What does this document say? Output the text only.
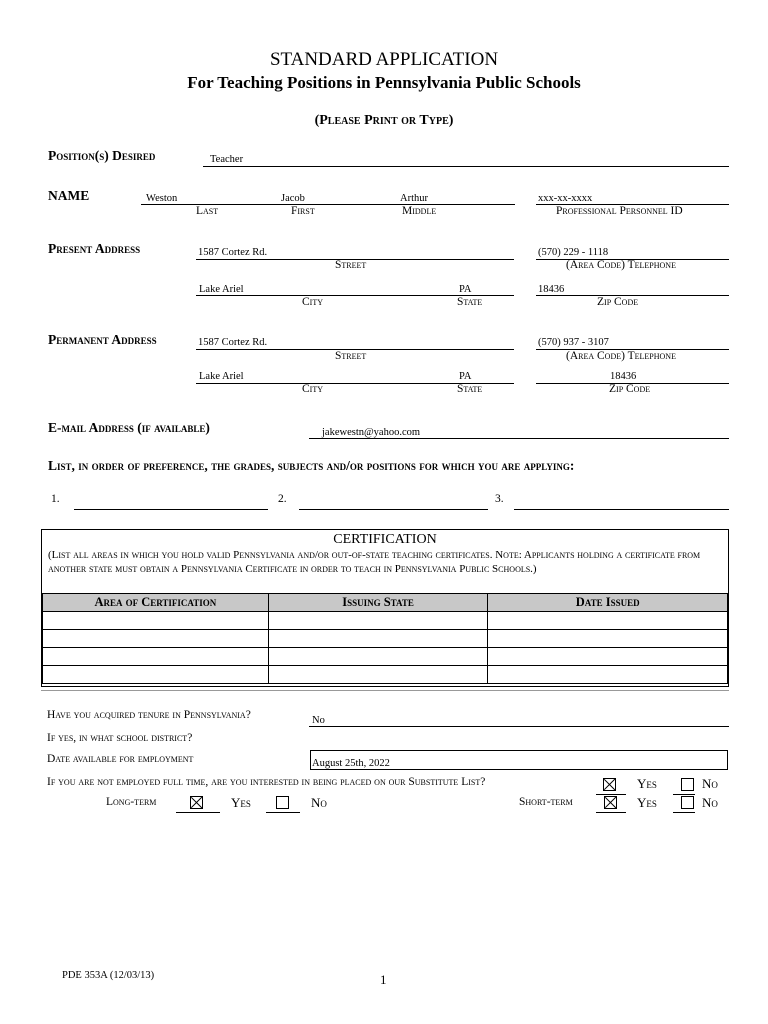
STANDARD APPLICATION
For Teaching Positions in Pennsylvania Public Schools
(Please Print or Type)
Position(s) Desired	Teacher
NAME	Weston	Jacob	Arthur	xxx-xx-xxxx
Last	First	Middle	Professional Personnel ID
Present Address	1587 Cortez Rd.	(570) 229 - 1118
Street	(Area Code) Telephone
Lake Ariel	PA	18436
City	State	Zip Code
Permanent Address	1587 Cortez Rd.	(570) 937 - 3107
Street	(Area Code) Telephone
Lake Ariel	PA	18436
City	State	Zip Code
E-mail Address (if available)	jakewestn@yahoo.com
List, in order of preference, the grades, subjects and/or positions for which you are applying:
1.	2.	3.
CERTIFICATION
(List all areas in which you hold valid Pennsylvania and/or out-of-state teaching certificates. Note: Applicants holding a certificate from another state must obtain a Pennsylvania Certificate in order to teach in Pennsylvania Public Schools.)
Area of Certification	Issuing State	Date Issued

Have you acquired tenure in Pennsylvania?	No
If yes, in what school district?
Date available for employment	August 25th, 2022
If you are not employed full time, are you interested in being placed on our Substitute List?	Yes	No
Long-term	Yes	No	Short-term	Yes	No
PDE 353A (12/03/13)	1
